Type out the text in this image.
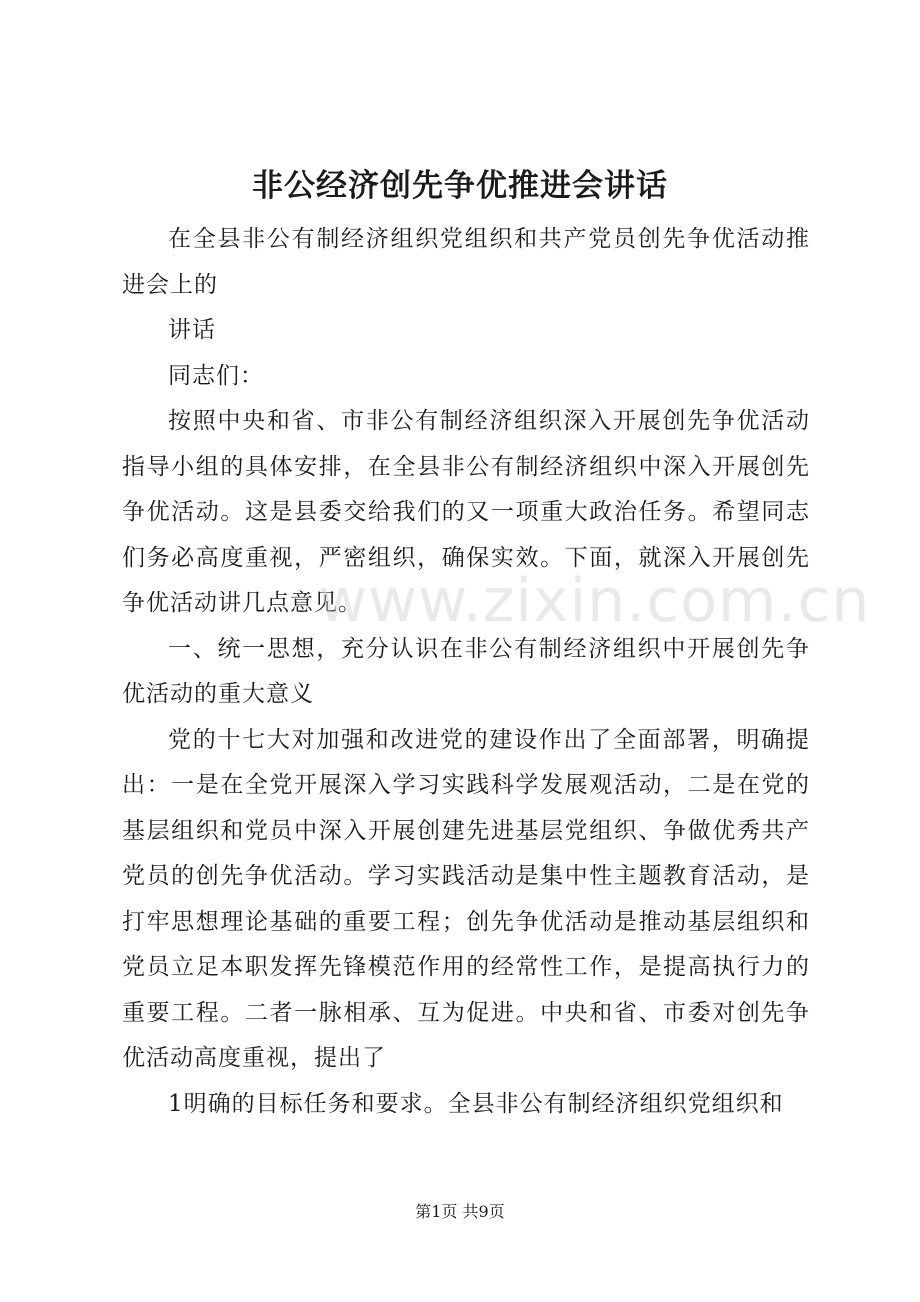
非公经济创先争优推进会讲话

在全县非公有制经济组织党组织和共产党员创先争优活动推进会上的

讲话

同志们：

按照中央和省、市非公有制经济组织深入开展创先争优活动指导小组的具体安排，在全县非公有制经济组织中深入开展创先争优活动。这是县委交给我们的又一项重大政治任务。希望同志们务必高度重视，严密组织，确保实效。下面，就深入开展创先争优活动讲几点意见。

一、统一思想，充分认识在非公有制经济组织中开展创先争优活动的重大意义

党的十七大对加强和改进党的建设作出了全面部署，明确提出：一是在全党开展深入学习实践科学发展观活动，二是在党的基层组织和党员中深入开展创建先进基层党组织、争做优秀共产党员的创先争优活动。学习实践活动是集中性主题教育活动，是打牢思想理论基础的重要工程；创先争优活动是推动基层组织和党员立足本职发挥先锋模范作用的经常性工作，是提高执行力的重要工程。二者一脉相承、互为促进。中央和省、市委对创先争优活动高度重视，提出了

1明确的目标任务和要求。全县非公有制经济组织党组织和

www.zixin.com.cn
第1页 共9页
